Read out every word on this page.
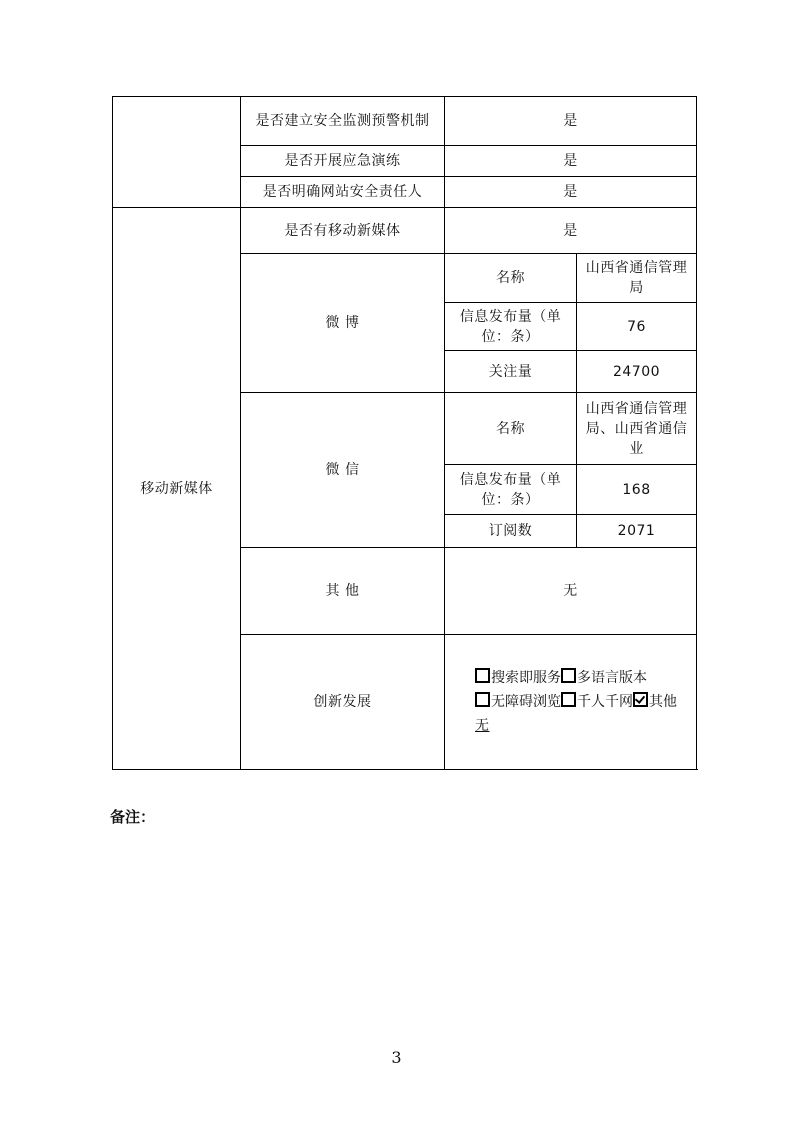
	是否建立安全监测预警机制	是	
	是否开展应急演练	是	
	是否明确网站安全责任人	是	
移动新媒体	是否有移动新媒体	是	
	微 博	名称	山西省通信管理局
		信息发布量（单位：条）	76
		关注量	24700
	微 信	名称	山西省通信管理局、山西省通信业
		信息发布量（单位：条）	168
		订阅数	2071
	其 他	无	
	创新发展	搜索即服务 多语言版本无障碍浏览 千人千网 其他
无	
备注：
3
